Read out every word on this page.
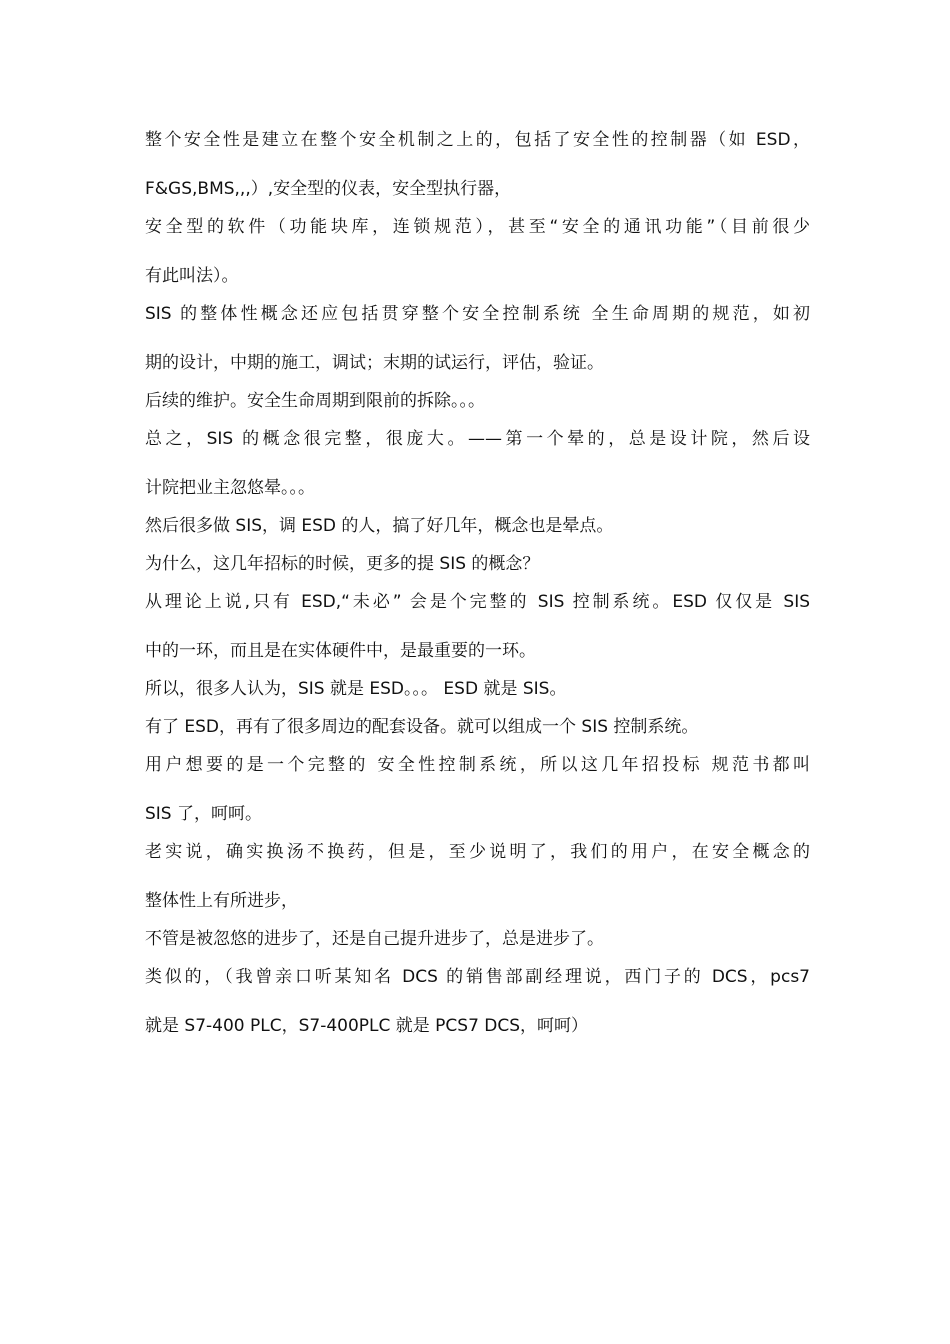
整个安全性是建立在整个安全机制之上的，包括了安全性的控制器（如 ESD，
F&GS,BMS,,,）,安全型的仪表，安全型执行器，

安全型的软件（功能块库，连锁规范），甚至“安全的通讯功能”（目前很少
有此叫法）。

SIS 的整体性概念还应包括贯穿整个安全控制系统 全生命周期的规范，如初
期的设计，中期的施工，调试；末期的试运行，评估，验证。

后续的维护。安全生命周期到限前的拆除。。。

总之，SIS 的概念很完整，很庞大。——第一个晕的，总是设计院，然后设
计院把业主忽悠晕。。。

然后很多做 SIS，调 ESD 的人，搞了好几年，概念也是晕点。

为什么，这几年招标的时候，更多的提 SIS 的概念？

从理论上说,只有 ESD,“未必” 会是个完整的 SIS 控制系统。ESD 仅仅是 SIS
中的一环，而且是在实体硬件中，是最重要的一环。

所以，很多人认为，SIS 就是 ESD。。。 ESD 就是 SIS。

有了 ESD，再有了很多周边的配套设备。就可以组成一个 SIS 控制系统。

用户想要的是一个完整的 安全性控制系统，所以这几年招投标 规范书都叫
SIS 了，呵呵。

老实说，确实换汤不换药，但是，至少说明了，我们的用户，在安全概念的
整体性上有所进步，

不管是被忽悠的进步了，还是自己提升进步了，总是进步了。

类似的，（我曾亲口听某知名 DCS 的销售部副经理说，西门子的 DCS，pcs7
就是 S7-400 PLC，S7-400PLC 就是 PCS7 DCS，呵呵）
